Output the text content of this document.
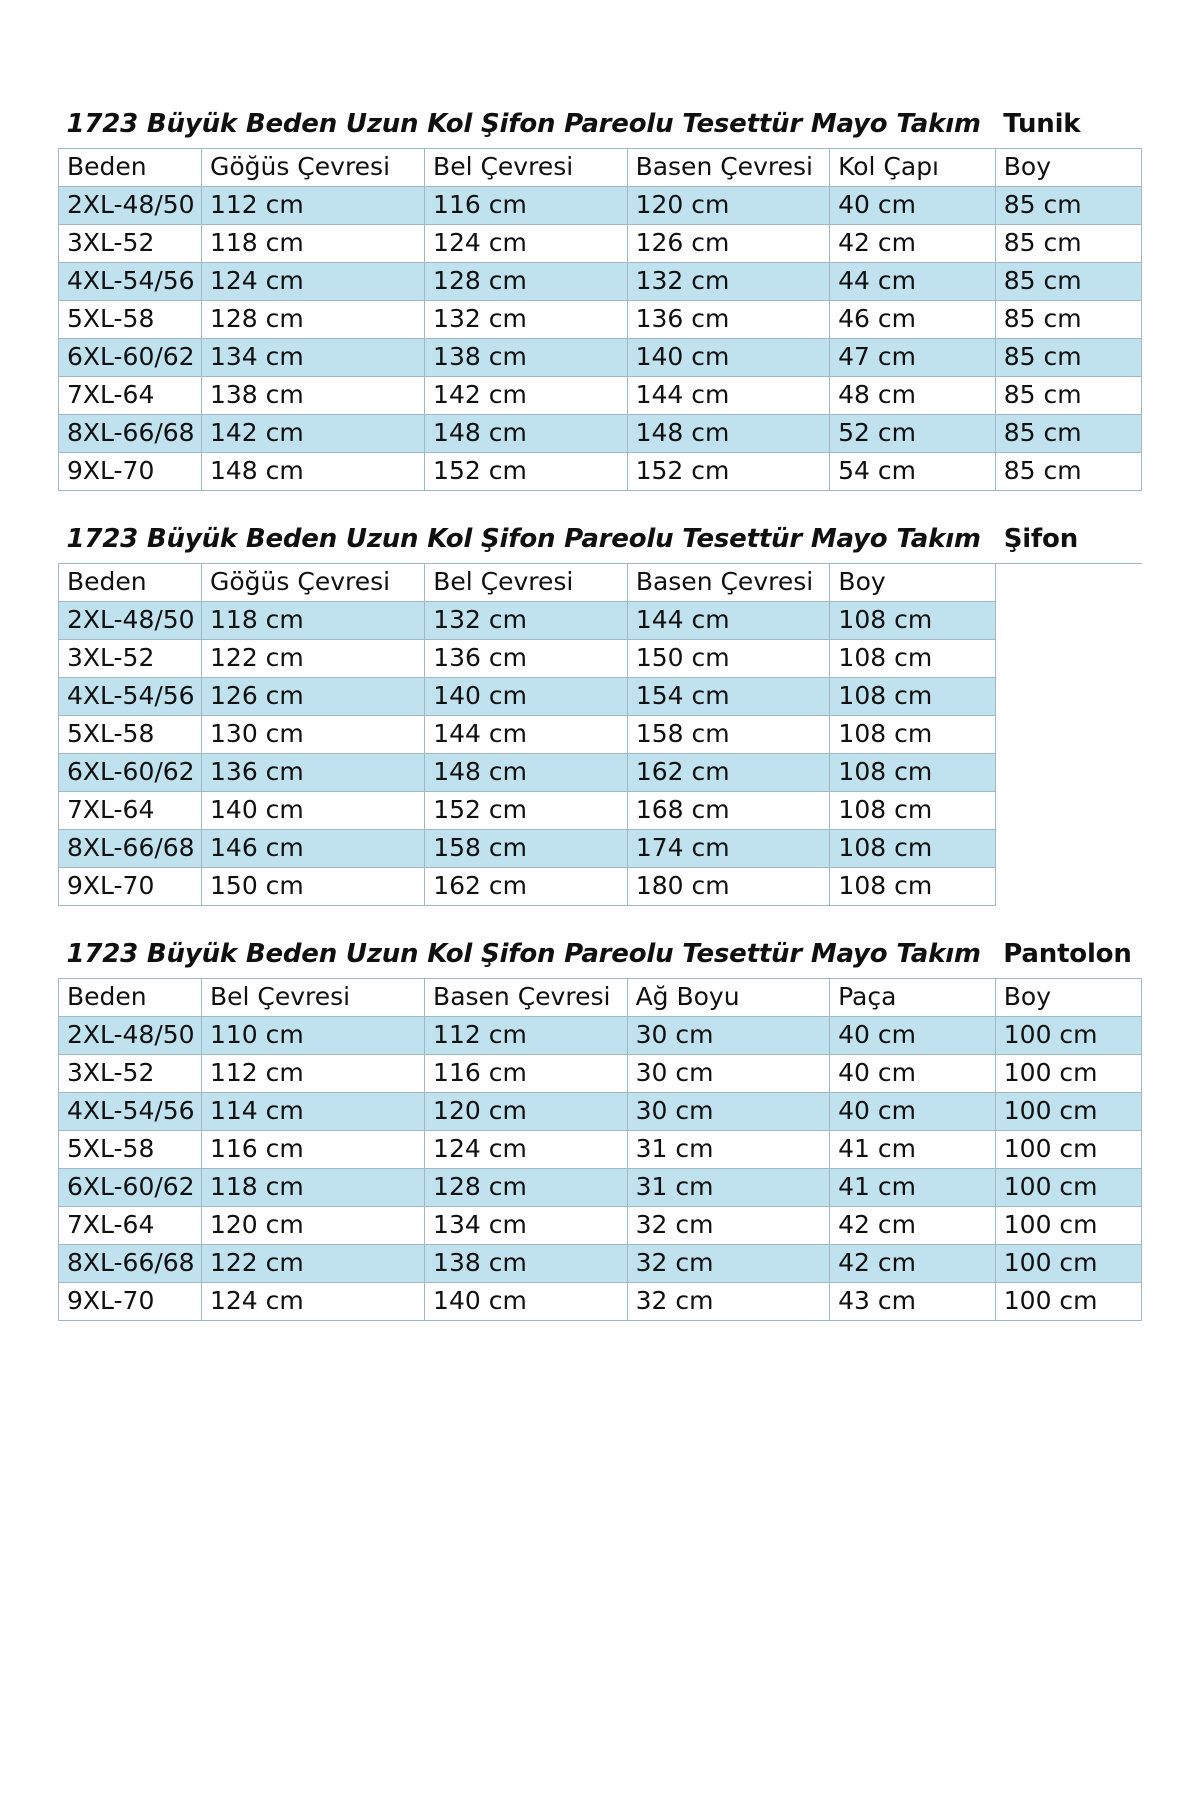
1723 Büyük Beden Uzun Kol Şifon Pareolu Tesettür Mayo Takım					Tunik
Beden	Göğüs Çevresi	Bel Çevresi	Basen Çevresi	Kol Çapı	Boy
2XL-48/50	112 cm	116 cm	120 cm	40 cm	85 cm
3XL-52	118 cm	124 cm	126 cm	42 cm	85 cm
4XL-54/56	124 cm	128 cm	132 cm	44 cm	85 cm
5XL-58	128 cm	132 cm	136 cm	46 cm	85 cm
6XL-60/62	134 cm	138 cm	140 cm	47 cm	85 cm
7XL-64	138 cm	142 cm	144 cm	48 cm	85 cm
8XL-66/68	142 cm	148 cm	148 cm	52 cm	85 cm
9XL-70	148 cm	152 cm	152 cm	54 cm	85 cm
1723 Büyük Beden Uzun Kol Şifon Pareolu Tesettür Mayo Takım					Şifon
Beden	Göğüs Çevresi	Bel Çevresi	Basen Çevresi	Boy	
2XL-48/50	118 cm	132 cm	144 cm	108 cm	
3XL-52	122 cm	136 cm	150 cm	108 cm	
4XL-54/56	126 cm	140 cm	154 cm	108 cm	
5XL-58	130 cm	144 cm	158 cm	108 cm	
6XL-60/62	136 cm	148 cm	162 cm	108 cm	
7XL-64	140 cm	152 cm	168 cm	108 cm	
8XL-66/68	146 cm	158 cm	174 cm	108 cm	
9XL-70	150 cm	162 cm	180 cm	108 cm	
1723 Büyük Beden Uzun Kol Şifon Pareolu Tesettür Mayo Takım					Pantolon
Beden	Bel Çevresi	Basen Çevresi	Ağ Boyu	Paça	Boy
2XL-48/50	110 cm	112 cm	30 cm	40 cm	100 cm
3XL-52	112 cm	116 cm	30 cm	40 cm	100 cm
4XL-54/56	114 cm	120 cm	30 cm	40 cm	100 cm
5XL-58	116 cm	124 cm	31 cm	41 cm	100 cm
6XL-60/62	118 cm	128 cm	31 cm	41 cm	100 cm
7XL-64	120 cm	134 cm	32 cm	42 cm	100 cm
8XL-66/68	122 cm	138 cm	32 cm	42 cm	100 cm
9XL-70	124 cm	140 cm	32 cm	43 cm	100 cm
